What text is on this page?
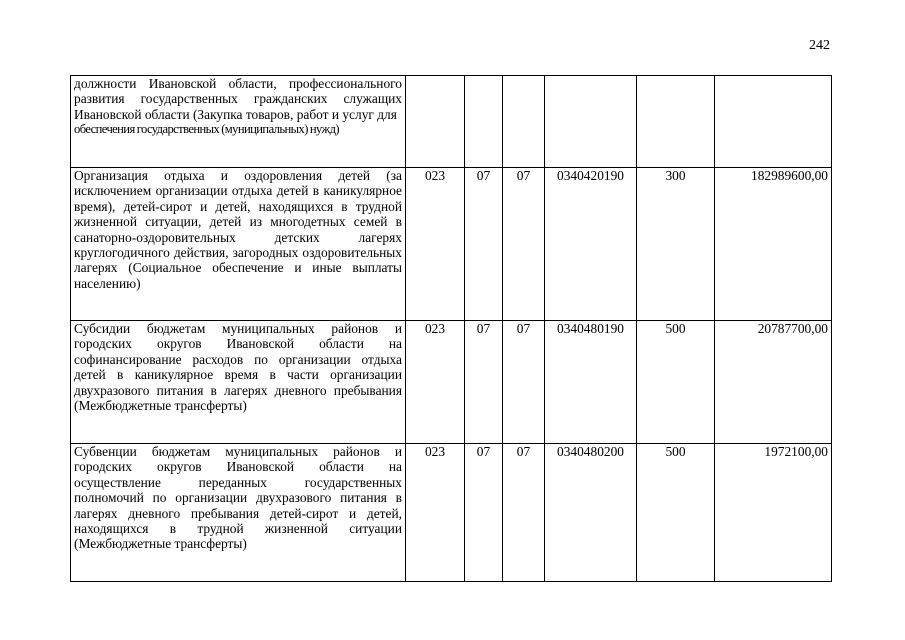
242
должности Ивановской области, профессионального развития государственных гражданских служащих Ивановской области (Закупка товаров, работ и услуг для
обеспечения государственных (муниципальных) нужд)						

Организация отдыха и оздоровления детей (за исключением организации отдыха детей в каникулярное время), детей-сирот и детей, находящихся в трудной жизненной ситуации, детей из многодетных семей в санаторно-оздоровительных детских лагерях круглогодичного действия, загородных оздоровительных лагерях (Социальное обеспечение и иные выплаты населению)	023	07	07	0340420190	300	182989600,00
Субсидии бюджетам муниципальных районов и городских округов Ивановской области на софинансирование расходов по организации отдыха детей в каникулярное время в части организации двухразового питания в лагерях дневного пребывания (Межбюджетные трансферты)	023	07	07	0340480190	500	20787700,00
Субвенции бюджетам муниципальных районов и городских округов Ивановской области на осуществление переданных государственных полномочий по организации двухразового питания в лагерях дневного пребывания детей-сирот и детей, находящихся в трудной жизненной ситуации (Межбюджетные трансферты)	023	07	07	0340480200	500	1972100,00
